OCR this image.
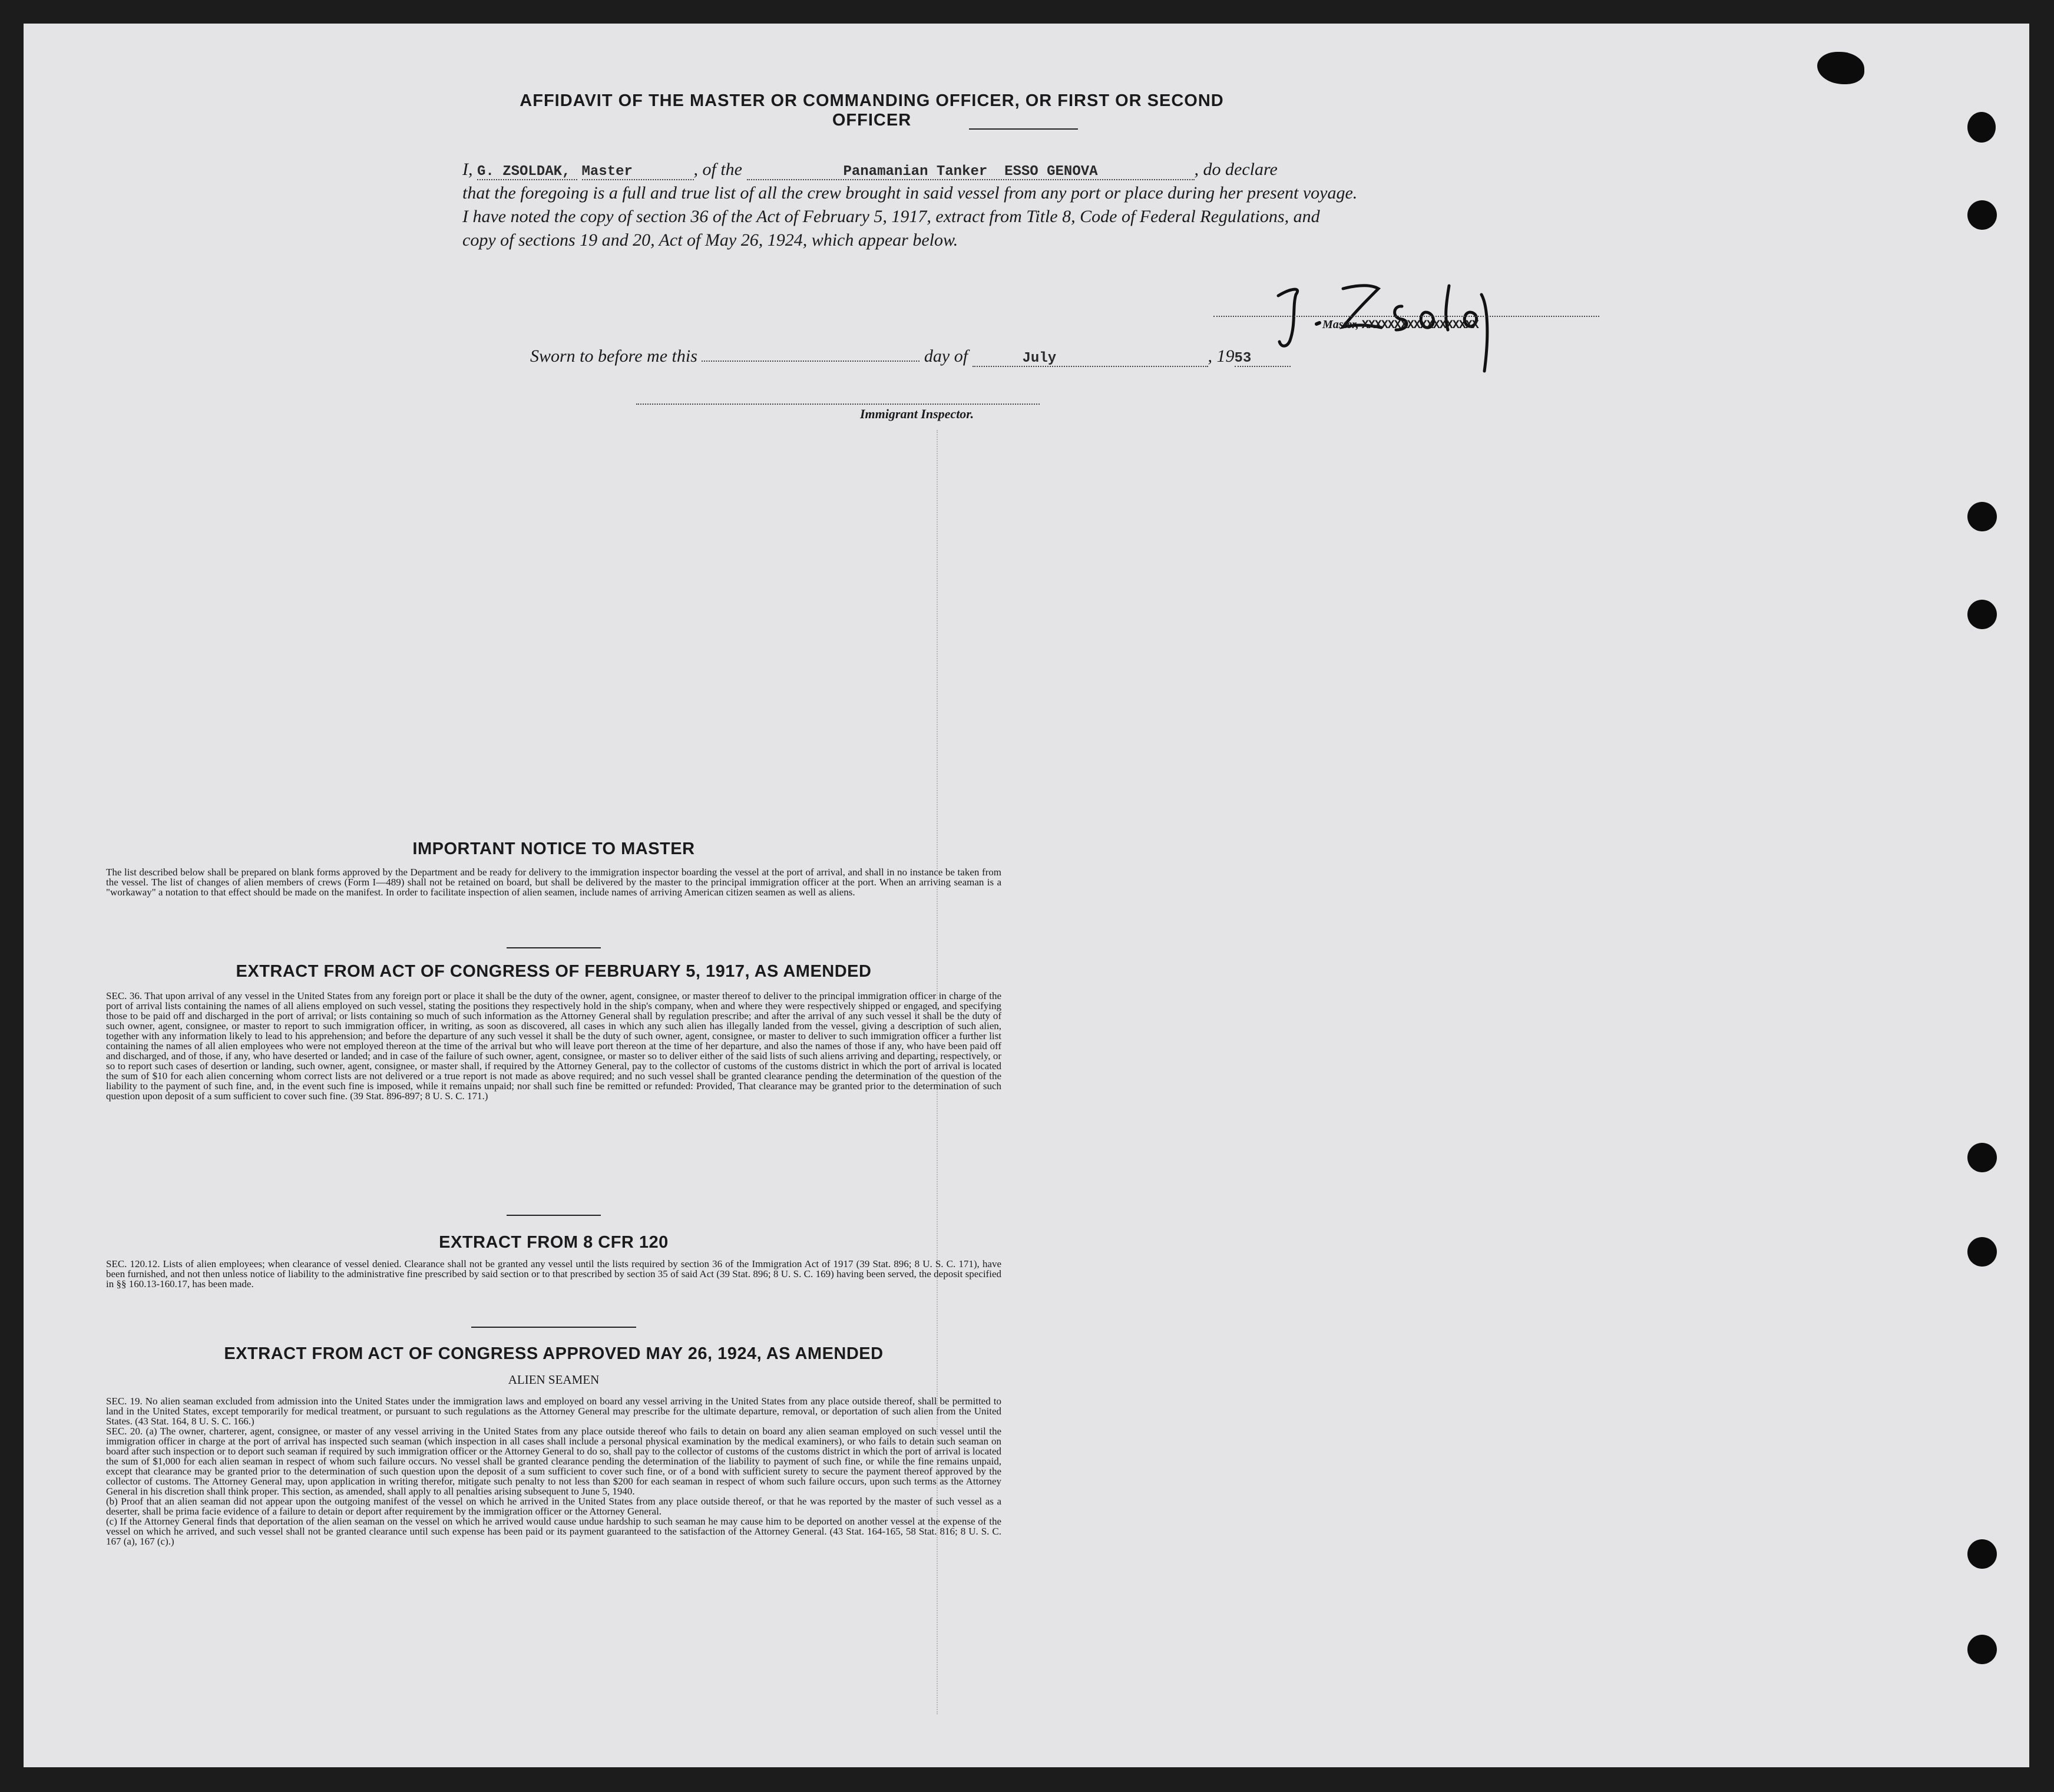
AFFIDAVIT OF THE MASTER OR COMMANDING OFFICER, OR FIRST OR SECOND OFFICER

I, G. ZSOLDAK, Master	, of the	Panamanian Tanker  ESSO GENOVA	, do declare

that the foregoing is a full and true list of all the crew brought in said vessel from any port or place during her present voyage.

I have noted the copy of section 36 of the Act of February 5, 1917, extract from Title 8, Code of Federal Regulations, and

copy of sections 19 and 20, Act of May 26, 1924, which appear below.

Master, XXXXXXXXXXXXXXXXXX
Sworn to before me this	day of	July	, 1953
Immigrant Inspector.
IMPORTANT NOTICE TO MASTER
The list described below shall be prepared on blank forms approved by the Department and be ready for delivery to the immigration inspector boarding the vessel at the port of arrival, and shall in no instance be taken from the vessel. The list of changes of alien members of crews (Form I—489) shall not be retained on board, but shall be delivered by the master to the principal immigration officer at the port. When an arriving seaman is a "workaway" a notation to that effect should be made on the manifest. In order to facilitate inspection of alien seamen, include names of arriving American citizen seamen as well as aliens.
EXTRACT FROM ACT OF CONGRESS OF FEBRUARY 5, 1917, AS AMENDED
SEC. 36. That upon arrival of any vessel in the United States from any foreign port or place it shall be the duty of the owner, agent, consignee, or master thereof to deliver to the principal immigration officer in charge of the port of arrival lists containing the names of all aliens employed on such vessel, stating the positions they respectively hold in the ship's company, when and where they were respectively shipped or engaged, and specifying those to be paid off and discharged in the port of arrival; or lists containing so much of such information as the Attorney General shall by regulation prescribe; and after the arrival of any such vessel it shall be the duty of such owner, agent, consignee, or master to report to such immigration officer, in writing, as soon as discovered, all cases in which any such alien has illegally landed from the vessel, giving a description of such alien, together with any information likely to lead to his apprehension; and before the departure of any such vessel it shall be the duty of such owner, agent, consignee, or master to deliver to such immigration officer a further list containing the names of all alien employees who were not employed thereon at the time of the arrival but who will leave port thereon at the time of her departure, and also the names of those if any, who have been paid off and discharged, and of those, if any, who have deserted or landed; and in case of the failure of such owner, agent, consignee, or master so to deliver either of the said lists of such aliens arriving and departing, respectively, or so to report such cases of desertion or landing, such owner, agent, consignee, or master shall, if required by the Attorney General, pay to the collector of customs of the customs district in which the port of arrival is located the sum of $10 for each alien concerning whom correct lists are not delivered or a true report is not made as above required; and no such vessel shall be granted clearance pending the determination of the question of the liability to the payment of such fine, and, in the event such fine is imposed, while it remains unpaid; nor shall such fine be remitted or refunded: Provided, That clearance may be granted prior to the determination of such question upon deposit of a sum sufficient to cover such fine. (39 Stat. 896-897; 8 U. S. C. 171.)
EXTRACT FROM 8 CFR 120
SEC. 120.12. Lists of alien employees; when clearance of vessel denied. Clearance shall not be granted any vessel until the lists required by section 36 of the Immigration Act of 1917 (39 Stat. 896; 8 U. S. C. 171), have been furnished, and not then unless notice of liability to the administrative fine prescribed by said section or to that prescribed by section 35 of said Act (39 Stat. 896; 8 U. S. C. 169) having been served, the deposit specified in §§ 160.13-160.17, has been made.
EXTRACT FROM ACT OF CONGRESS APPROVED MAY 26, 1924, AS AMENDED
ALIEN SEAMEN

SEC. 19. No alien seaman excluded from admission into the United States under the immigration laws and employed on board any vessel arriving in the United States from any place outside thereof, shall be permitted to land in the United States, except temporarily for medical treatment, or pursuant to such regulations as the Attorney General may prescribe for the ultimate departure, removal, or deportation of such alien from the United States. (43 Stat. 164, 8 U. S. C. 166.)

SEC. 20. (a) The owner, charterer, agent, consignee, or master of any vessel arriving in the United States from any place outside thereof who fails to detain on board any alien seaman employed on such vessel until the immigration officer in charge at the port of arrival has inspected such seaman (which inspection in all cases shall include a personal physical examination by the medical examiners), or who fails to detain such seaman on board after such inspection or to deport such seaman if required by such immigration officer or the Attorney General to do so, shall pay to the collector of customs of the customs district in which the port of arrival is located the sum of $1,000 for each alien seaman in respect of whom such failure occurs. No vessel shall be granted clearance pending the determination of the liability to payment of such fine, or while the fine remains unpaid, except that clearance may be granted prior to the determination of such question upon the deposit of a sum sufficient to cover such fine, or of a bond with sufficient surety to secure the payment thereof approved by the collector of customs. The Attorney General may, upon application in writing therefor, mitigate such penalty to not less than $200 for each seaman in respect of whom such failure occurs, upon such terms as the Attorney General in his discretion shall think proper. This section, as amended, shall apply to all penalties arising subsequent to June 5, 1940.

(b) Proof that an alien seaman did not appear upon the outgoing manifest of the vessel on which he arrived in the United States from any place outside thereof, or that he was reported by the master of such vessel as a deserter, shall be prima facie evidence of a failure to detain or deport after requirement by the immigration officer or the Attorney General.

(c) If the Attorney General finds that deportation of the alien seaman on the vessel on which he arrived would cause undue hardship to such seaman he may cause him to be deported on another vessel at the expense of the vessel on which he arrived, and such vessel shall not be granted clearance until such expense has been paid or its payment guaranteed to the satisfaction of the Attorney General. (43 Stat. 164-165, 58 Stat. 816; 8 U. S. C. 167 (a), 167 (c).)
